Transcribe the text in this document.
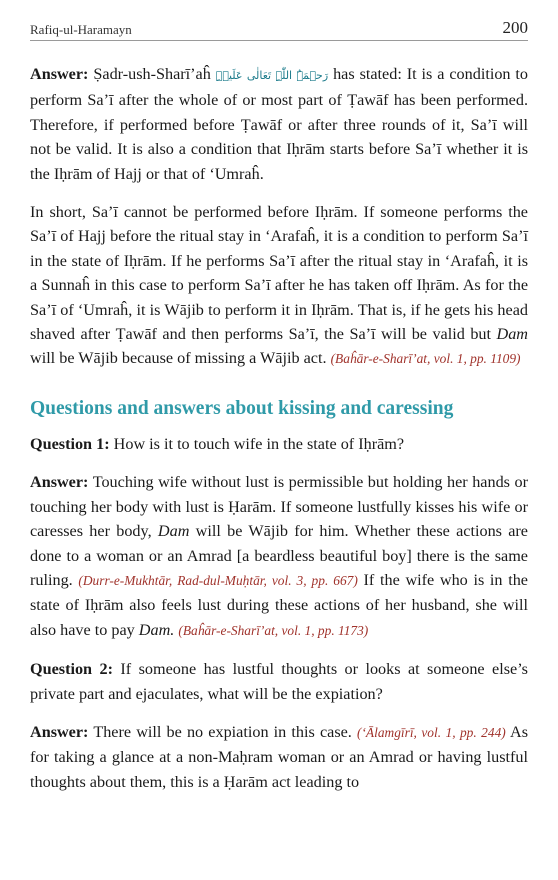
Rafiq-ul-Haramayn	200

Answer: Ṣadr-ush-Sharī’aĥ رَحۡمَۃُ اللّٰہِ تَعَالٰی عَلَیۡہِ has stated: It is a condition to perform Sa’ī after the whole of or most part of Ṭawāf has been performed. Therefore, if performed before Ṭawāf or after three rounds of it, Sa’ī will not be valid. It is also a condition that Iḥrām starts before Sa’ī whether it is the Iḥrām of Hajj or that of ‘Umraĥ.

In short, Sa’ī cannot be performed before Iḥrām. If someone performs the Sa’ī of Hajj before the ritual stay in ‘Arafaĥ, it is a condition to perform Sa’ī in the state of Iḥrām. If he performs Sa’ī after the ritual stay in ‘Arafaĥ, it is a Sunnaĥ in this case to perform Sa’ī after he has taken off Iḥrām. As for the Sa’ī of ‘Umraĥ, it is Wājib to perform it in Iḥrām. That is, if he gets his head shaved after Ṭawāf and then performs Sa’ī, the Sa’ī will be valid but Dam will be Wājib because of missing a Wājib act. (Baĥār-e-Sharī’at, vol. 1, pp. 1109)

Questions and answers about kissing and caressing

Question 1: How is it to touch wife in the state of Iḥrām?

Answer: Touching wife without lust is permissible but holding her hands or touching her body with lust is Ḥarām. If someone lustfully kisses his wife or caresses her body, Dam will be Wājib for him. Whether these actions are done to a woman or an Amrad [a beardless beautiful boy] there is the same ruling. (Durr-e-Mukhtār, Rad-dul-Muḥtār, vol. 3, pp. 667) If the wife who is in the state of Iḥrām also feels lust during these actions of her husband, she will also have to pay Dam. (Baĥār-e-Sharī’at, vol. 1, pp. 1173)

Question 2: If someone has lustful thoughts or looks at someone else’s private part and ejaculates, what will be the expiation?

Answer: There will be no expiation in this case. (‘Ālamgīrī, vol. 1, pp. 244) As for taking a glance at a non-Maḥram woman or an Amrad or having lustful thoughts about them, this is a Ḥarām act leading to
